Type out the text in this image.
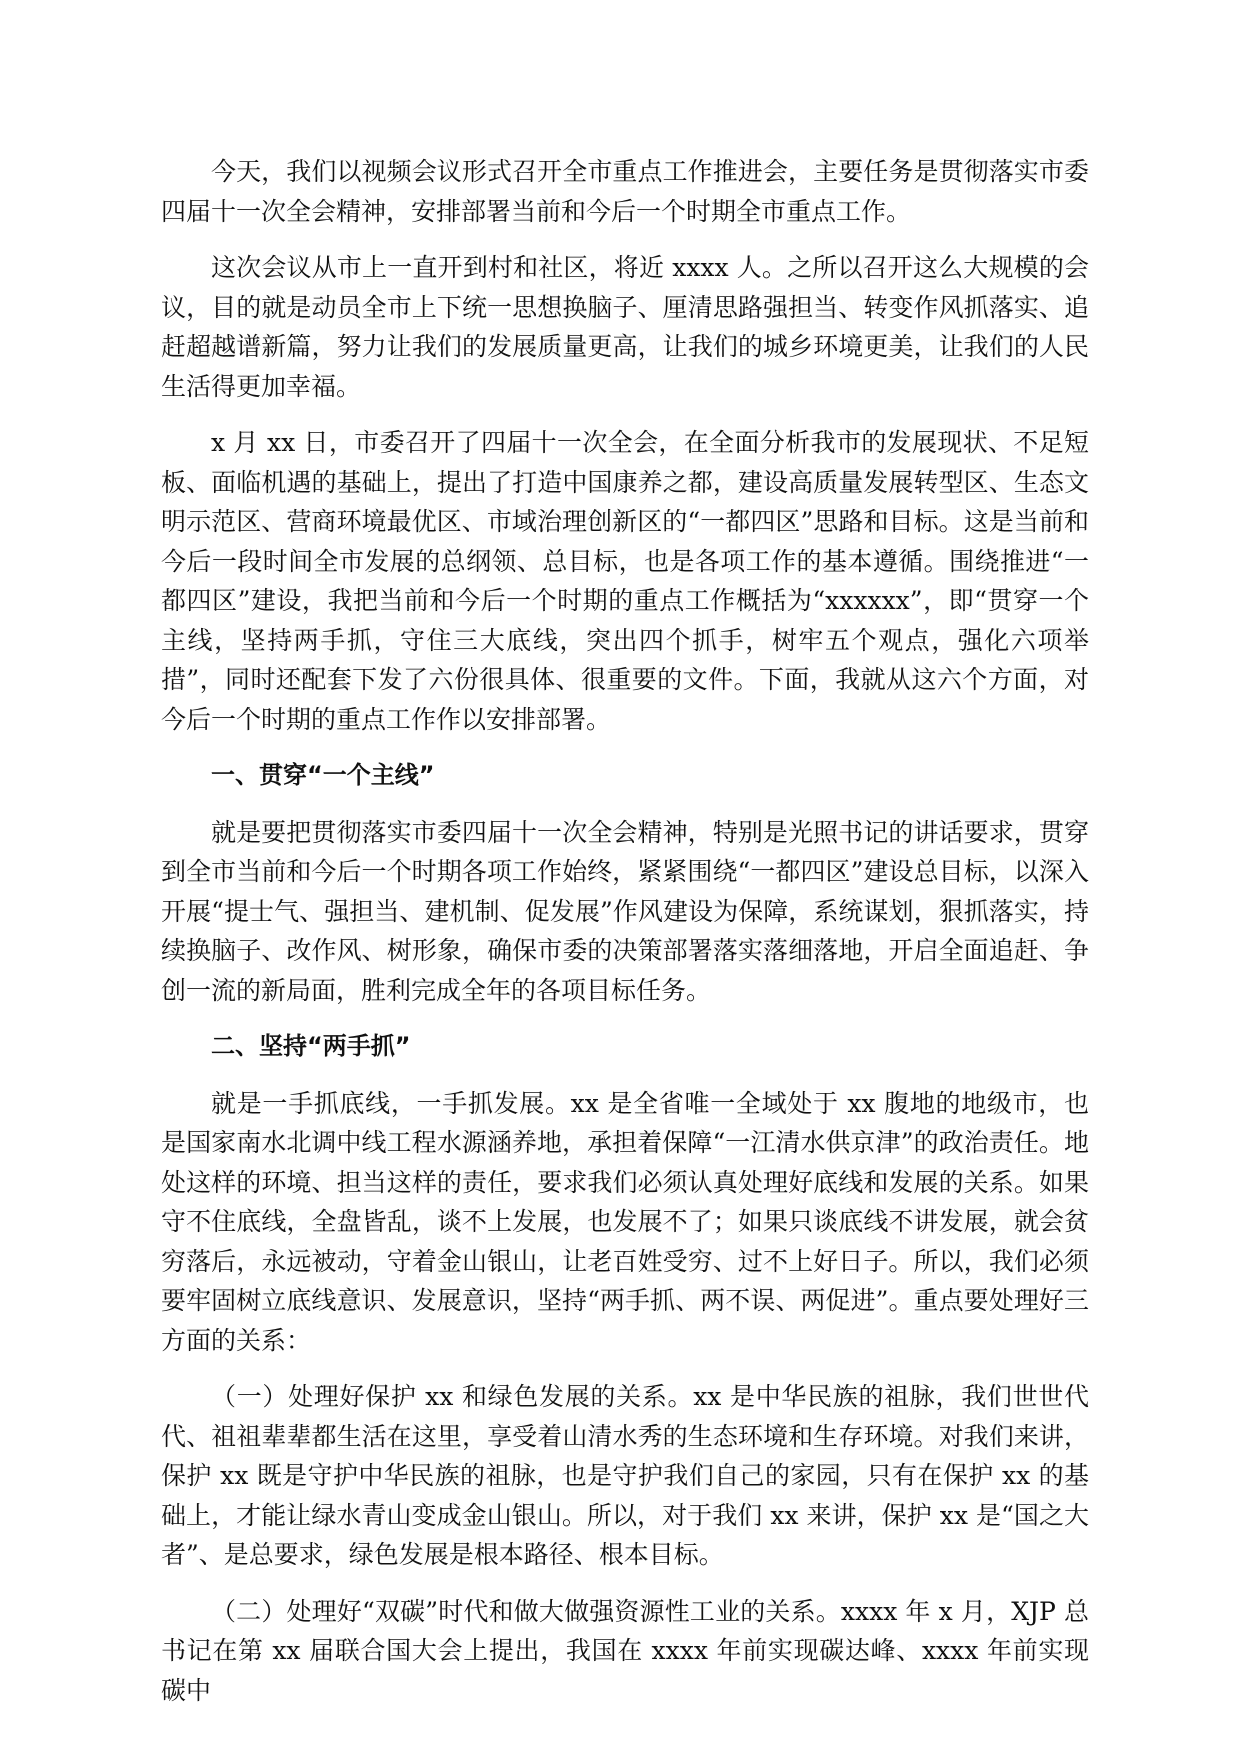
今天，我们以视频会议形式召开全市重点工作推进会，主要任务是贯彻落实市委四届十一次全会精神，安排部署当前和今后一个时期全市重点工作。

这次会议从市上一直开到村和社区，将近 xxxx 人。之所以召开这么大规模的会议，目的就是动员全市上下统一思想换脑子、厘清思路强担当、转变作风抓落实、追赶超越谱新篇，努力让我们的发展质量更高，让我们的城乡环境更美，让我们的人民生活得更加幸福。

x 月 xx 日，市委召开了四届十一次全会，在全面分析我市的发展现状、不足短板、面临机遇的基础上，提出了打造中国康养之都，建设高质量发展转型区、生态文明示范区、营商环境最优区、市域治理创新区的“一都四区”思路和目标。这是当前和今后一段时间全市发展的总纲领、总目标，也是各项工作的基本遵循。围绕推进“一都四区”建设，我把当前和今后一个时期的重点工作概括为“xxxxxx”，即“贯穿一个主线，坚持两手抓，守住三大底线，突出四个抓手，树牢五个观点，强化六项举措”，同时还配套下发了六份很具体、很重要的文件。下面，我就从这六个方面，对今后一个时期的重点工作作以安排部署。

一、贯穿“一个主线”

就是要把贯彻落实市委四届十一次全会精神，特别是光照书记的讲话要求，贯穿到全市当前和今后一个时期各项工作始终，紧紧围绕“一都四区”建设总目标，以深入开展“提士气、强担当、建机制、促发展”作风建设为保障，系统谋划，狠抓落实，持续换脑子、改作风、树形象，确保市委的决策部署落实落细落地，开启全面追赶、争创一流的新局面，胜利完成全年的各项目标任务。

二、坚持“两手抓”

就是一手抓底线，一手抓发展。xx 是全省唯一全域处于 xx 腹地的地级市，也是国家南水北调中线工程水源涵养地，承担着保障“一江清水供京津”的政治责任。地处这样的环境、担当这样的责任，要求我们必须认真处理好底线和发展的关系。如果守不住底线，全盘皆乱，谈不上发展，也发展不了；如果只谈底线不讲发展，就会贫穷落后，永远被动，守着金山银山，让老百姓受穷、过不上好日子。所以，我们必须要牢固树立底线意识、发展意识，坚持“两手抓、两不误、两促进”。重点要处理好三方面的关系：

（一）处理好保护 xx 和绿色发展的关系。xx 是中华民族的祖脉，我们世世代代、祖祖辈辈都生活在这里，享受着山清水秀的生态环境和生存环境。对我们来讲，保护 xx 既是守护中华民族的祖脉，也是守护我们自己的家园，只有在保护 xx 的基础上，才能让绿水青山变成金山银山。所以，对于我们 xx 来讲，保护 xx 是“国之大者”、是总要求，绿色发展是根本路径、根本目标。

（二）处理好“双碳”时代和做大做强资源性工业的关系。xxxx 年 x 月，XJP 总书记在第 xx 届联合国大会上提出，我国在 xxxx 年前实现碳达峰、xxxx 年前实现碳中
